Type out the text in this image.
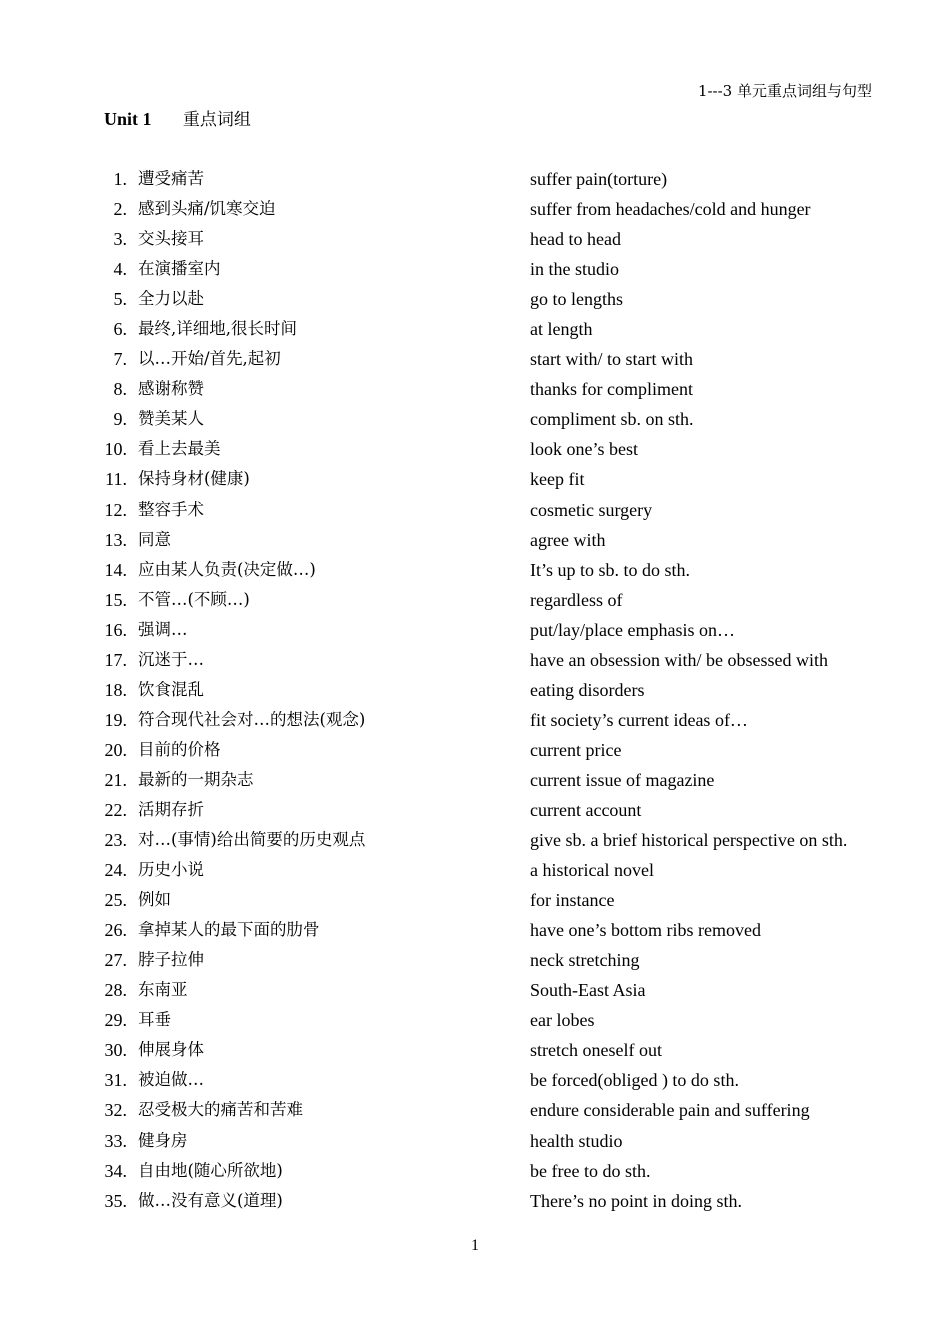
1---3 单元重点词组与句型
Unit 1 重点词组
1. 遭受痛苦	suffer pain(torture)
2. 感到头痛/饥寒交迫	suffer from headaches/cold and hunger
3. 交头接耳	head to head
4. 在演播室内	in the studio
5. 全力以赴	go to lengths
6. 最终,详细地,很长时间	at length
7. 以…开始/首先,起初	start with/ to start with
8. 感谢称赞	thanks for compliment
9. 赞美某人	compliment sb. on sth.
10. 看上去最美	look one’s best
11. 保持身材(健康)	keep fit
12. 整容手术	cosmetic surgery
13. 同意	agree with
14. 应由某人负责(决定做…)	It’s up to sb. to do sth.
15. 不管…(不顾…)	regardless of
16. 强调…	put/lay/place emphasis on…
17. 沉迷于…	have an obsession with/ be obsessed with
18. 饮食混乱	eating disorders
19. 符合现代社会对…的想法(观念)	fit society’s current ideas of…
20. 目前的价格	current price
21. 最新的一期杂志	current issue of magazine
22. 活期存折	current account
23. 对…(事情)给出简要的历史观点	give sb. a brief historical perspective on sth.
24. 历史小说	a historical novel
25. 例如	for instance
26. 拿掉某人的最下面的肋骨	have one’s bottom ribs removed
27. 脖子拉伸	neck stretching
28. 东南亚	South-East Asia
29. 耳垂	ear lobes
30. 伸展身体	stretch oneself out
31. 被迫做…	be forced(obliged ) to do sth.
32. 忍受极大的痛苦和苦难	endure considerable pain and suffering
33. 健身房	health studio
34. 自由地(随心所欲地)	be free to do sth.
35. 做…没有意义(道理)	There’s no point in doing sth.
1
